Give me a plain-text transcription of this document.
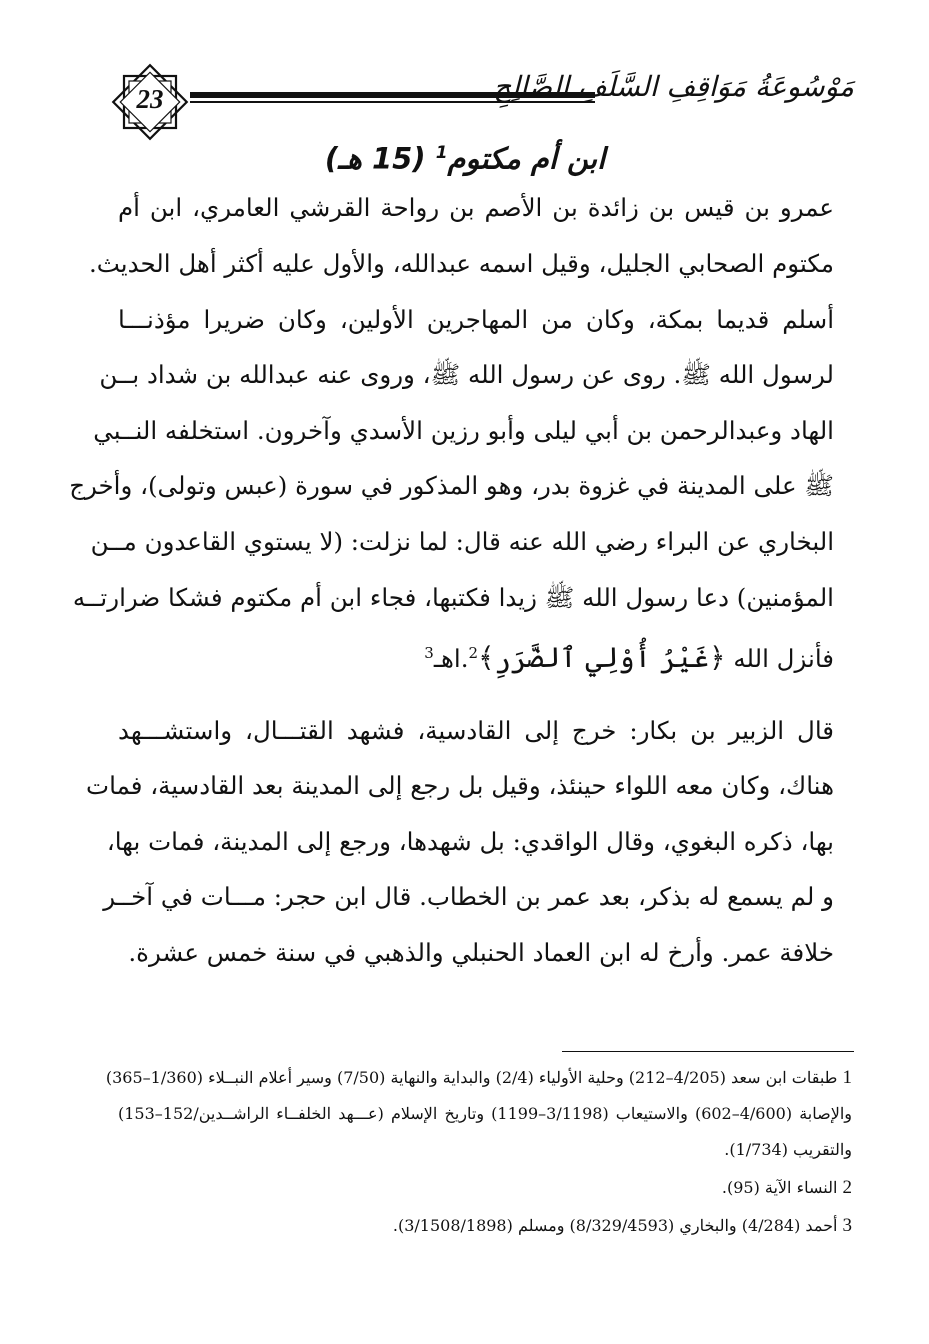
23	مَوْسُوعَةُ مَوَاقِفِ السَّلَفِ الصَّالِحِ
ابن أم مكتوم$^1$ (15 هـ)
عمرو بن قيس بن زائدة بن الأصم بن رواحة القرشي العامري، ابن أم
مكتوم الصحابي الجليل، وقيل اسمه عبدالله، والأول عليه أكثر أهل الحديث.
أسلم قديما بمكة، وكان من المهاجرين الأولين، وكان ضريرا مؤذنـــا
لرسول الله ﷺ. روى عن رسول الله ﷺ، وروى عنه عبدالله بن شداد بــن
الهاد وعبدالرحمن بن أبي ليلى وأبو رزين الأسدي وآخرون. استخلفه النــبي
ﷺ على المدينة في غزوة بدر، وهو المذكور في سورة (عبس وتولى)، وأخرج
البخاري عن البراء رضي الله عنه قال: لما نزلت: (لا يستوي القاعدون مــن
المؤمنين) دعا رسول الله ﷺ زيدا فكتبها، فجاء ابن أم مكتوم فشكا ضرارتــه
فأنزل الله ﴿غَيْرُ أُوْلِي ٱلضَّرَرِ﴾$^2$.اهـ$^3$
قال الزبير بن بكار: خرج إلى القادسية، فشهد القتـــال، واستشـــهد
هناك، وكان معه اللواء حينئذ، وقيل بل رجع إلى المدينة بعد القادسية، فمات
بها، ذكره البغوي، وقال الواقدي: بل شهدها، ورجع إلى المدينة، فمات بها،
و لم يسمع له بذكر، بعد عمر بن الخطاب. قال ابن حجر: مـــات في آخــر
خلافة عمر. وأرخ له ابن العماد الحنبلي والذهبي في سنة خمس عشرة.
1 طبقات ابن سعد (4/205–212) وحلية الأولياء (2/4) والبداية والنهاية (7/50) وسير أعلام النبــلاء (1/360–365)
والإصابة (4/600–602) والاستيعاب (3/1198–1199) وتاريخ الإسلام (عـــهد الخلفــاء الراشــدين/152–153)
والتقريب (1/734).
2 النساء الآية (95).
3 أحمد (4/284) والبخاري (8/329/4593) ومسلم (3/1508/1898).
